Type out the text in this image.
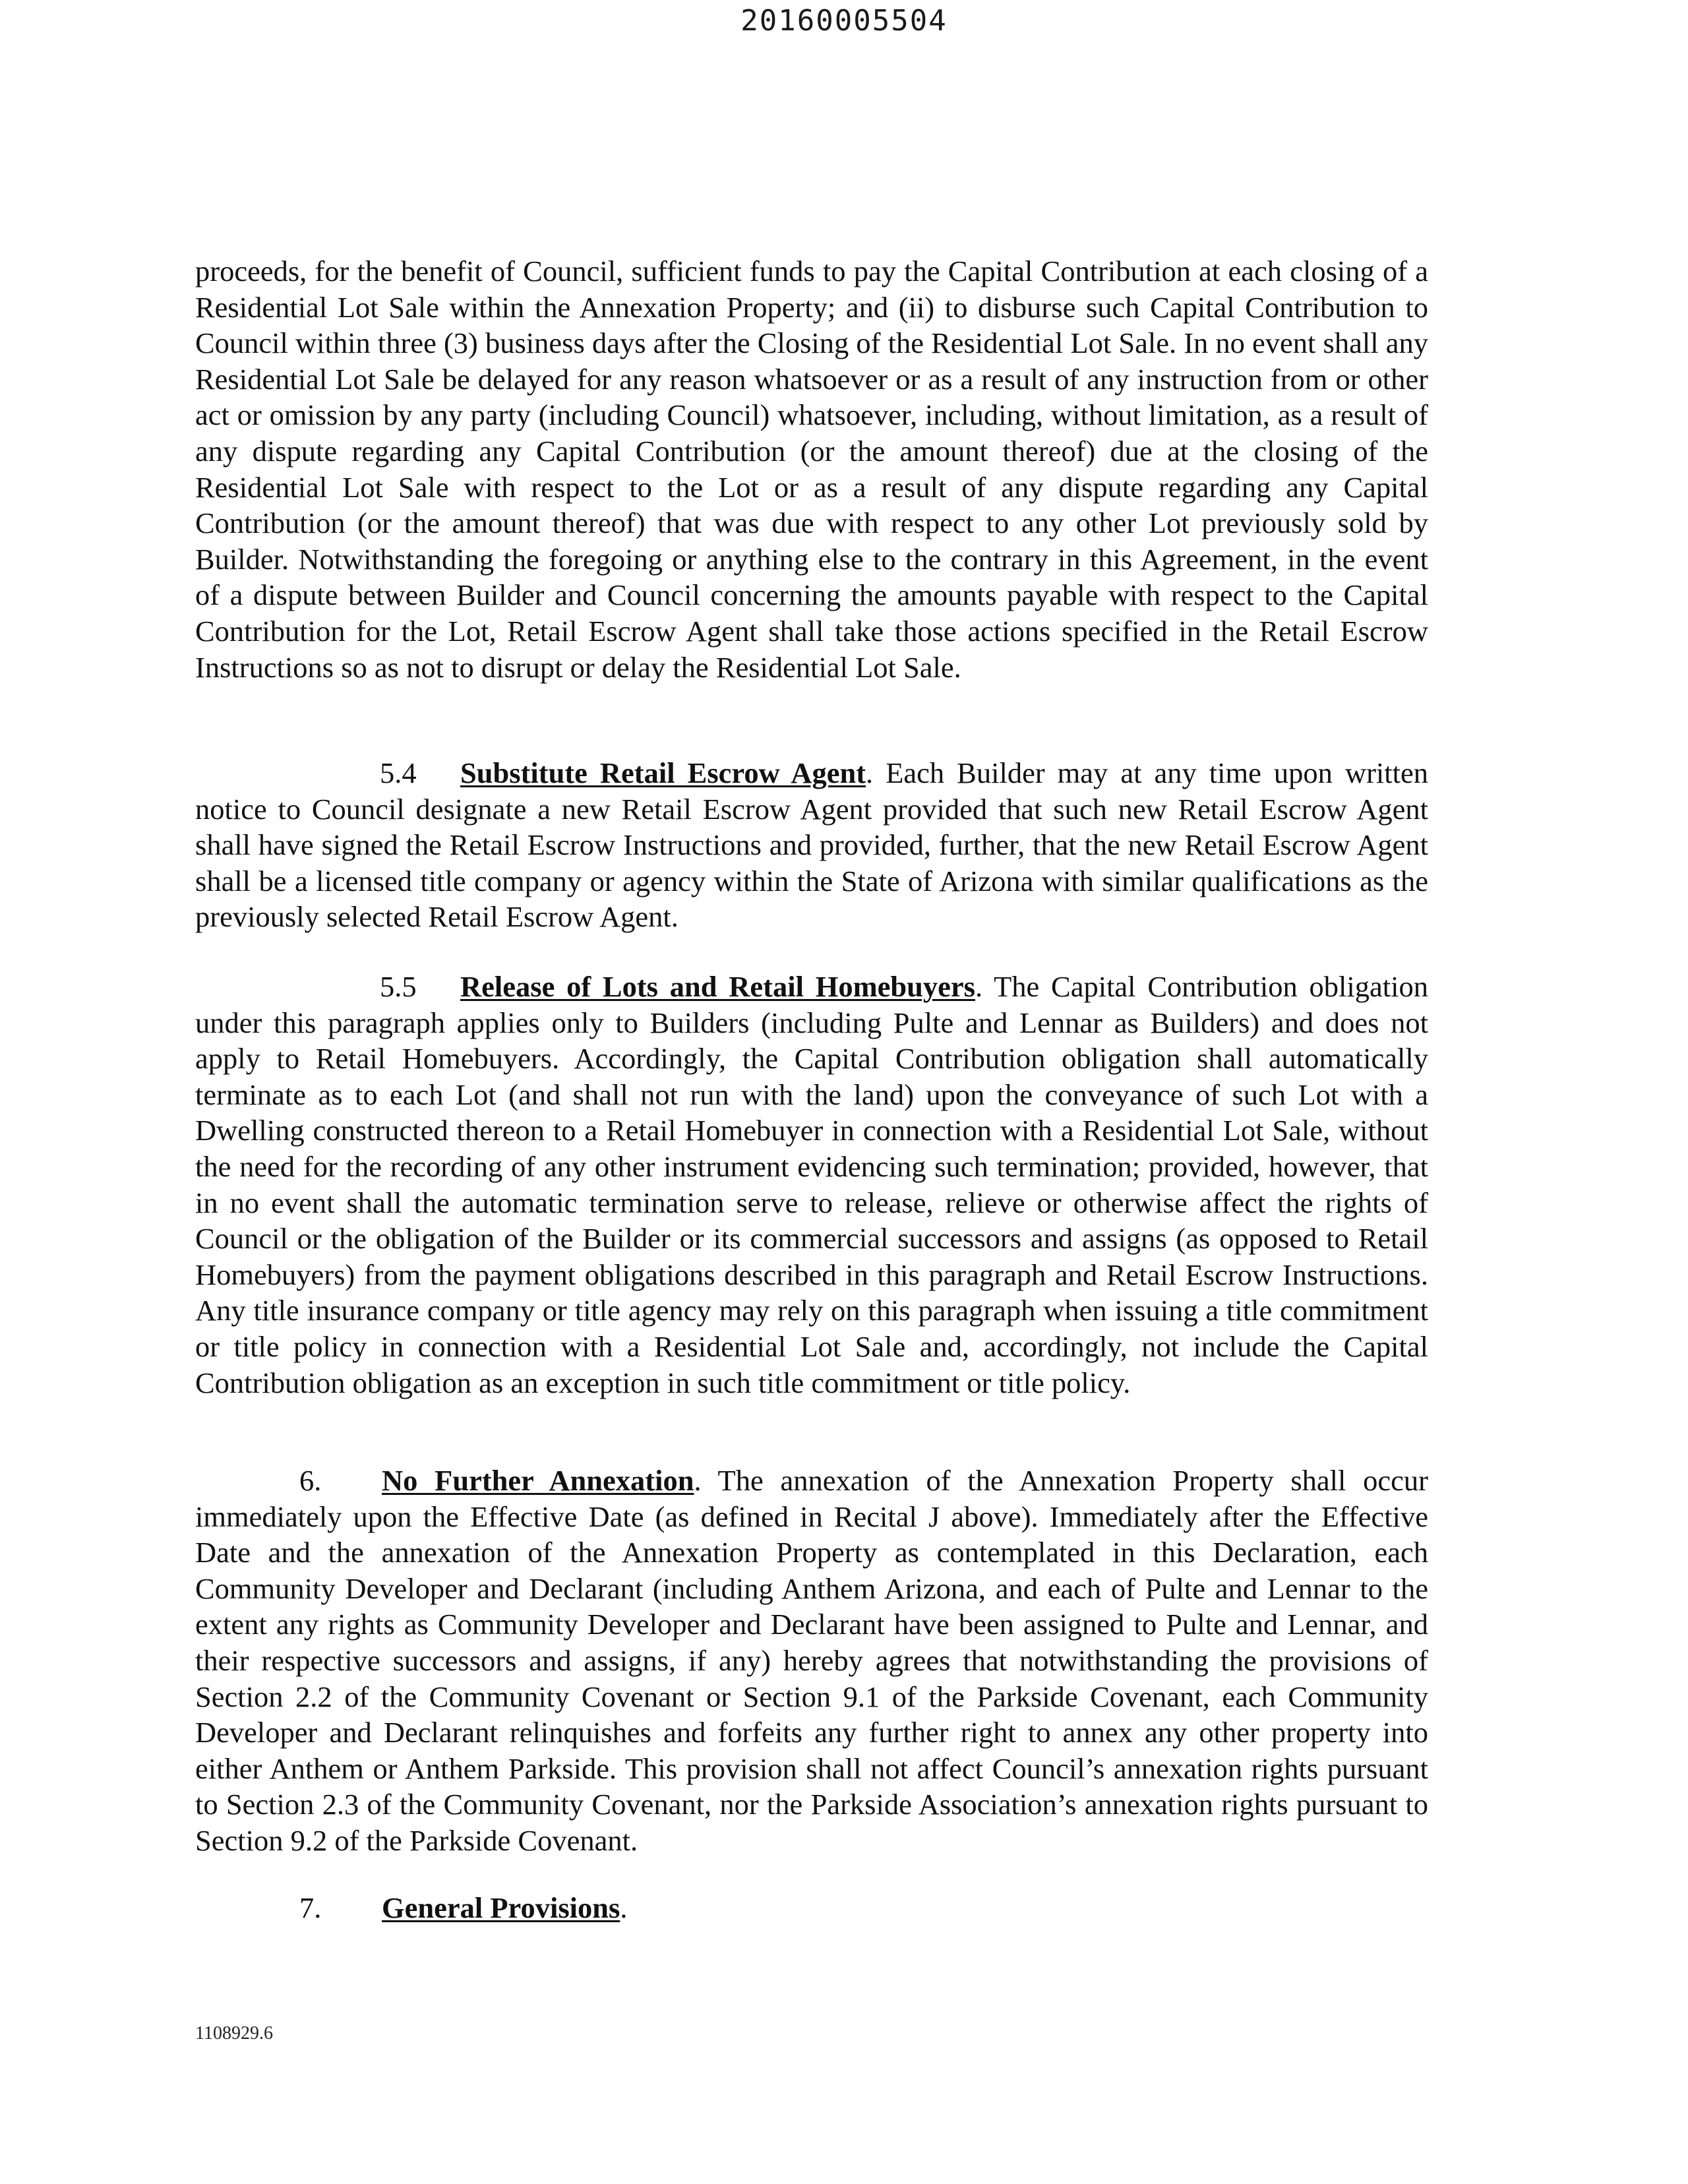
20160005504

proceeds, for the benefit of Council, sufficient funds to pay the Capital Contribution at each closing of a Residential Lot Sale within the Annexation Property; and (ii) to disburse such Capital Contribution to Council within three (3) business days after the Closing of the Residential Lot Sale. In no event shall any Residential Lot Sale be delayed for any reason whatsoever or as a result of any instruction from or other act or omission by any party (including Council) whatsoever, including, without limitation, as a result of any dispute regarding any Capital Contribution (or the amount thereof) due at the closing of the Residential Lot Sale with respect to the Lot or as a result of any dispute regarding any Capital Contribution (or the amount thereof) that was due with respect to any other Lot previously sold by Builder. Notwithstanding the foregoing or anything else to the contrary in this Agreement, in the event of a dispute between Builder and Council concerning the amounts payable with respect to the Capital Contribution for the Lot, Retail Escrow Agent shall take those actions specified in the Retail Escrow Instructions so as not to disrupt or delay the Residential Lot Sale.

5.4 Substitute Retail Escrow Agent. Each Builder may at any time upon written notice to Council designate a new Retail Escrow Agent provided that such new Retail Escrow Agent shall have signed the Retail Escrow Instructions and provided, further, that the new Retail Escrow Agent shall be a licensed title company or agency within the State of Arizona with similar qualifications as the previously selected Retail Escrow Agent.

5.5 Release of Lots and Retail Homebuyers. The Capital Contribution obligation under this paragraph applies only to Builders (including Pulte and Lennar as Builders) and does not apply to Retail Homebuyers. Accordingly, the Capital Contribution obligation shall automatically terminate as to each Lot (and shall not run with the land) upon the conveyance of such Lot with a Dwelling constructed thereon to a Retail Homebuyer in connection with a Residential Lot Sale, without the need for the recording of any other instrument evidencing such termination; provided, however, that in no event shall the automatic termination serve to release, relieve or otherwise affect the rights of Council or the obligation of the Builder or its commercial successors and assigns (as opposed to Retail Homebuyers) from the payment obligations described in this paragraph and Retail Escrow Instructions. Any title insurance company or title agency may rely on this paragraph when issuing a title commitment or title policy in connection with a Residential Lot Sale and, accordingly, not include the Capital Contribution obligation as an exception in such title commitment or title policy.

6. No Further Annexation. The annexation of the Annexation Property shall occur immediately upon the Effective Date (as defined in Recital J above). Immediately after the Effective Date and the annexation of the Annexation Property as contemplated in this Declaration, each Community Developer and Declarant (including Anthem Arizona, and each of Pulte and Lennar to the extent any rights as Community Developer and Declarant have been assigned to Pulte and Lennar, and their respective successors and assigns, if any) hereby agrees that notwithstanding the provisions of Section 2.2 of the Community Covenant or Section 9.1 of the Parkside Covenant, each Community Developer and Declarant relinquishes and forfeits any further right to annex any other property into either Anthem or Anthem Parkside. This provision shall not affect Council’s annexation rights pursuant to Section 2.3 of the Community Covenant, nor the Parkside Association’s annexation rights pursuant to Section 9.2 of the Parkside Covenant.

7. General Provisions.

1108929.6
